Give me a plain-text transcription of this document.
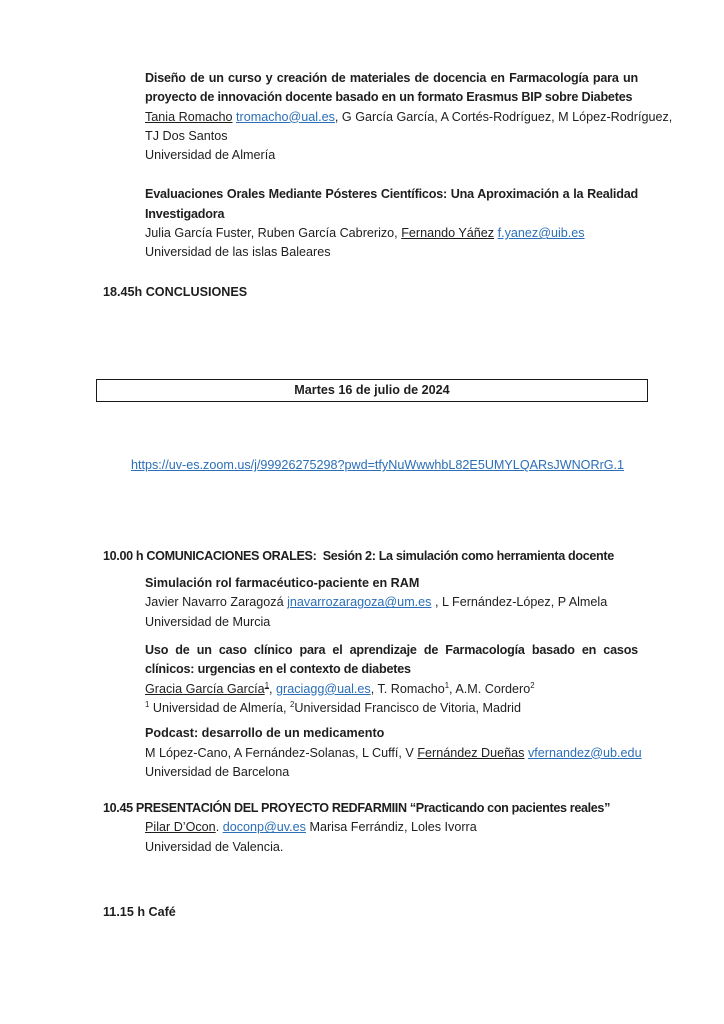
Diseño de un curso y creación de materiales de docencia en Farmacología para un proyecto de innovación docente basado en un formato Erasmus BIP sobre Diabetes
Tania Romacho tromacho@ual.es, G García García, A Cortés-Rodríguez, M López-Rodríguez,
TJ Dos Santos
Universidad de Almería
Evaluaciones Orales Mediante Pósteres Científicos: Una Aproximación a la Realidad Investigadora
Julia García Fuster, Ruben García Cabrerizo, Fernando Yáñez f.yanez@uib.es
Universidad de las islas Baleares
18.45h CONCLUSIONES
Martes 16 de julio de 2024

https://uv-es.zoom.us/j/99926275298?pwd=tfyNuWwwhbL82E5UMYLQARsJWNORrG.1

10.00 h COMUNICACIONES ORALES:  Sesión 2: La simulación como herramienta docente
Simulación rol farmacéutico-paciente en RAM
Javier Navarro Zaragozá jnavarrozaragoza@um.es , L Fernández-López, P Almela
Universidad de Murcia
Uso de un caso clínico para el aprendizaje de Farmacología basado en casos clínicos: urgencias en el contexto de diabetes
Gracia García García$^1$, graciagg@ual.es, T. Romacho$^1$, A.M. Cordero$^2$
$^1$ Universidad de Almería, $^2$Universidad Francisco de Vitoria, Madrid
Podcast: desarrollo de un medicamento
M López-Cano, A Fernández-Solanas, L Cuffí, V Fernández Dueñas vfernandez@ub.edu
Universidad de Barcelona
10.45 PRESENTACIÓN DEL PROYECTO REDFARMIIN “Practicando con pacientes reales”
Pilar D’Ocon. doconp@uv.es Marisa Ferrándiz, Loles Ivorra
Universidad de Valencia.
11.15 h Café
